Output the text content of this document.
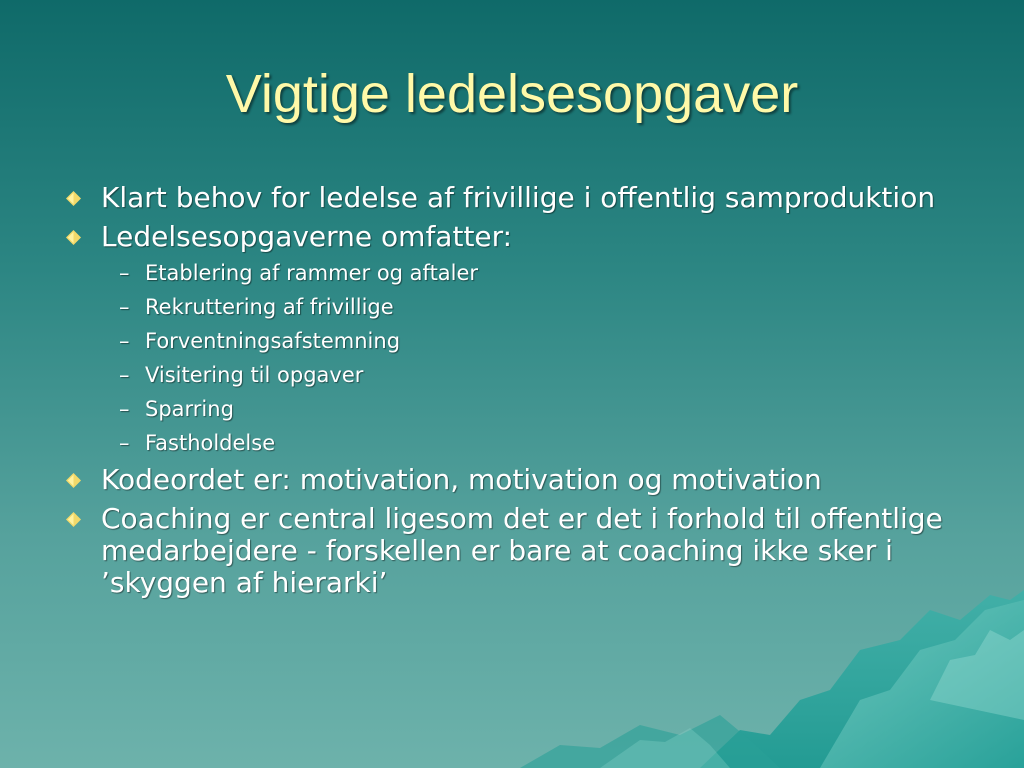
Vigtige ledelsesopgaver
Klart behov for ledelse af frivillige i offentlig samproduktion
Ledelsesopgaverne omfatter:
– Etablering af rammer og aftaler
– Rekruttering af frivillige
– Forventningsafstemning
– Visitering til opgaver
– Sparring
– Fastholdelse
Kodeordet er: motivation, motivation og motivation
Coaching er central ligesom det er det i forhold til offentlige medarbejdere - forskellen er bare at coaching ikke sker i ’skyggen af hierarki’
